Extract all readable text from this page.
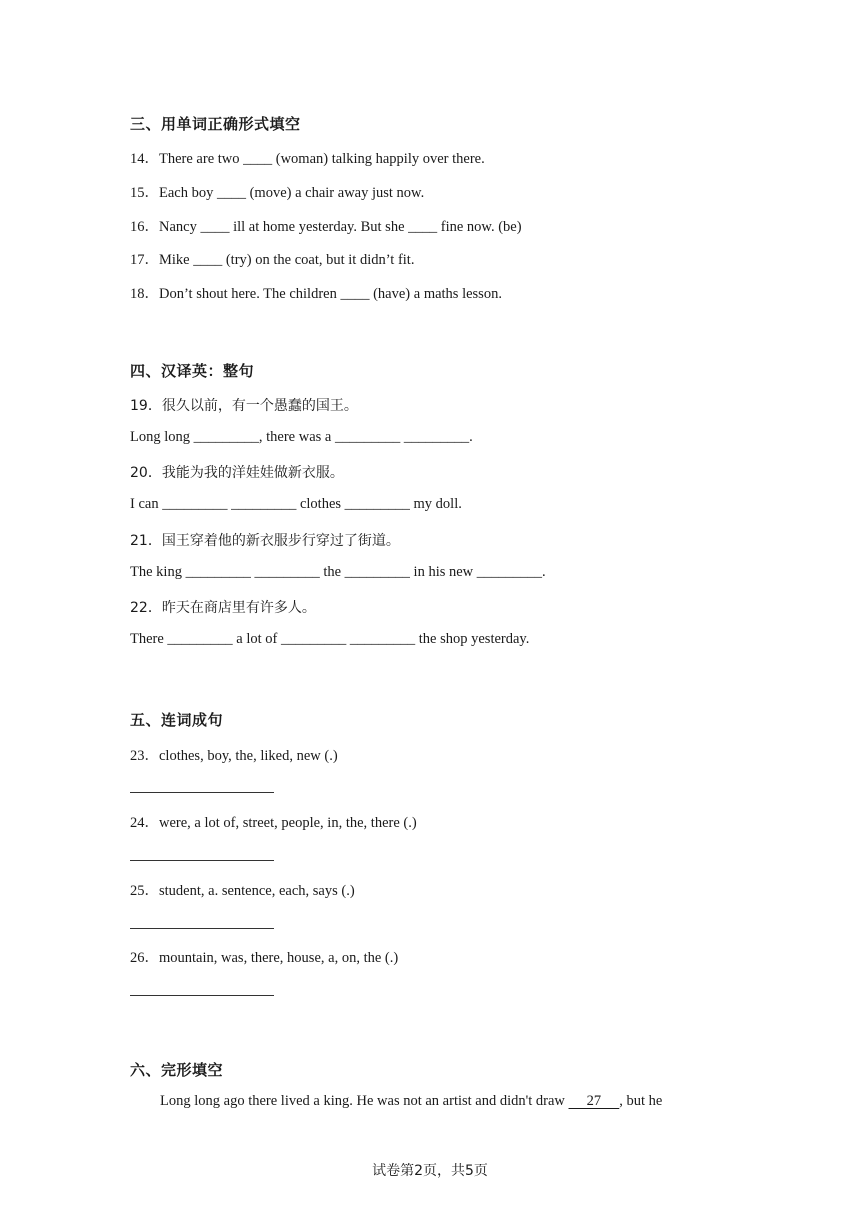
三、用单词正确形式填空
14．There are two ____ (woman) talking happily over there.
15．Each boy ____ (move) a chair away just now.
16．Nancy ____ ill at home yesterday. But she ____ fine now. (be)
17．Mike ____ (try) on the coat, but it didn’t fit.
18．Don’t shout here. The children ____ (have) a maths lesson.
四、汉译英：整句
19．很久以前，有一个愚蠢的国王。
Long long _________, there was a _________ _________.
20．我能为我的洋娃娃做新衣服。
I can _________ _________ clothes _________ my doll.
21．国王穿着他的新衣服步行穿过了街道。
The king _________ _________ the _________ in his new _________.
22．昨天在商店里有许多人。
There _________ a lot of _________ _________ the shop yesterday.
五、连词成句
23．clothes, boy, the, liked, new (.)
24．were, a lot of, street, people, in, the, there (.)
25．student, a. sentence, each, says (.)
26．mountain, was, there, house, a, on, the (.)
六、完形填空
Long long ago there lived a king. He was not an artist and didn't draw      27     , but he
试卷第2页，共5页
